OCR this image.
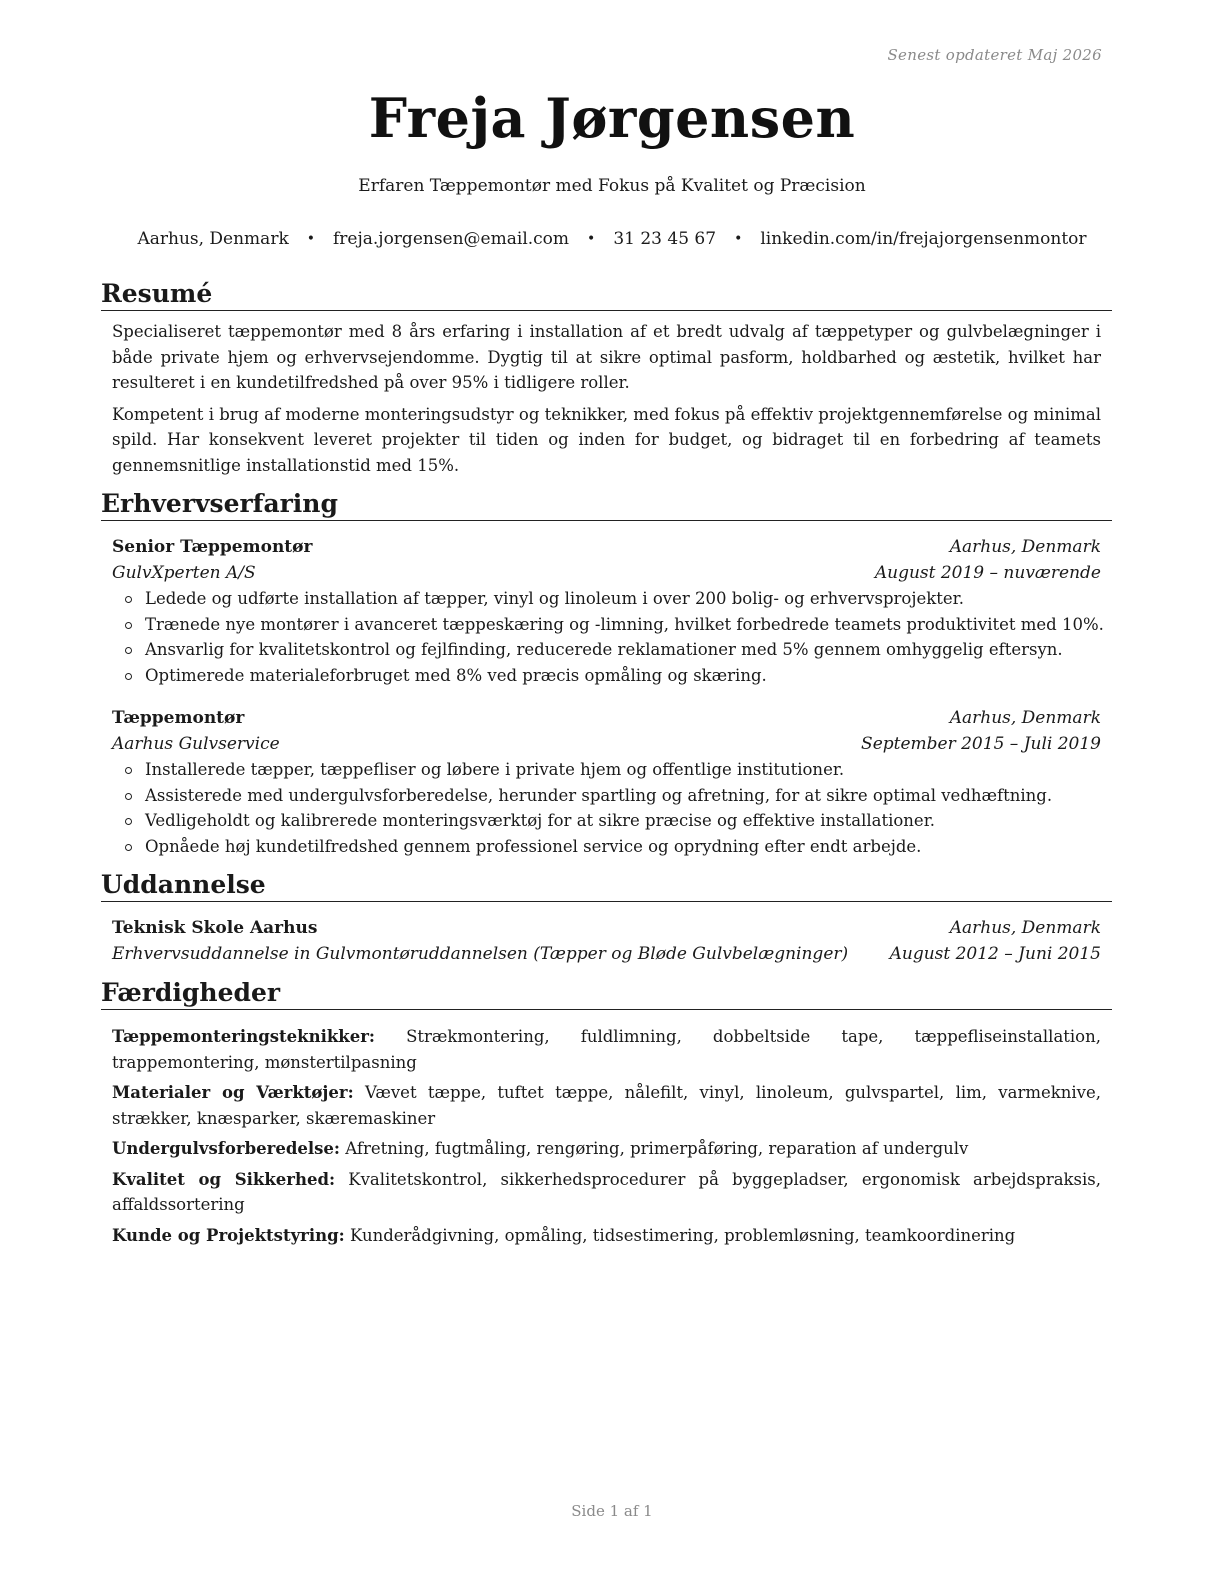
Senest opdateret Maj 2026
Freja Jørgensen
Erfaren Tæppemontør med Fokus på Kvalitet og Præcision
Aarhus, Denmark • freja.jorgensen@email.com • 31 23 45 67 • linkedin.com/in/frejajorgensenmontor
Resumé

Specialiseret tæppemontør med 8 års erfaring i installation af et bredt udvalg af tæppetyper og gulvbelægninger i både private hjem og erhvervsejendomme. Dygtig til at sikre optimal pasform, holdbarhed og æstetik, hvilket har resulteret i en kundetilfredshed på over 95% i tidligere roller.

Kompetent i brug af moderne monteringsudstyr og teknikker, med fokus på effektiv projektgennemførelse og minimal spild. Har konsekvent leveret projekter til tiden og inden for budget, og bidraget til en forbedring af teamets gennemsnitlige installationstid med 15%.

Erhvervserfaring
Senior Tæppemontør	Aarhus, Denmark
GulvXperten A/S	August 2019 – nuværende
Ledede og udførte installation af tæpper, vinyl og linoleum i over 200 bolig- og erhvervsprojekter.
Trænede nye montører i avanceret tæppeskæring og -limning, hvilket forbedrede teamets produktivitet med 10%.
Ansvarlig for kvalitetskontrol og fejlfinding, reducerede reklamationer med 5% gennem omhyggelig eftersyn.
Optimerede materialeforbruget med 8% ved præcis opmåling og skæring.
Tæppemontør	Aarhus, Denmark
Aarhus Gulvservice	September 2015 – Juli 2019
Installerede tæpper, tæppefliser og løbere i private hjem og offentlige institutioner.
Assisterede med undergulvsforberedelse, herunder spartling og afretning, for at sikre optimal vedhæftning.
Vedligeholdt og kalibrerede monteringsværktøj for at sikre præcise og effektive installationer.
Opnåede høj kundetilfredshed gennem professionel service og oprydning efter endt arbejde.
Uddannelse
Teknisk Skole Aarhus	Aarhus, Denmark
Erhvervsuddannelse in Gulvmontøruddannelsen (Tæpper og Bløde Gulvbelægninger) August 2012 – Juni 2015
Færdigheder

Tæppemonteringsteknikker: Strækmontering, fuldlimning, dobbeltside tape, tæppefliseinstallation, trappemontering, mønstertilpasning

Materialer og Værktøjer: Vævet tæppe, tuftet tæppe, nålefilt, vinyl, linoleum, gulvspartel, lim, varmeknive, strækker, knæsparker, skæremaskiner

Undergulvsforberedelse: Afretning, fugtmåling, rengøring, primerpåføring, reparation af undergulv

Kvalitet og Sikkerhed: Kvalitetskontrol, sikkerhedsprocedurer på byggepladser, ergonomisk arbejdspraksis, affaldssortering

Kunde og Projektstyring: Kunderådgivning, opmåling, tidsestimering, problemløsning, teamkoordinering

Side 1 af 1
